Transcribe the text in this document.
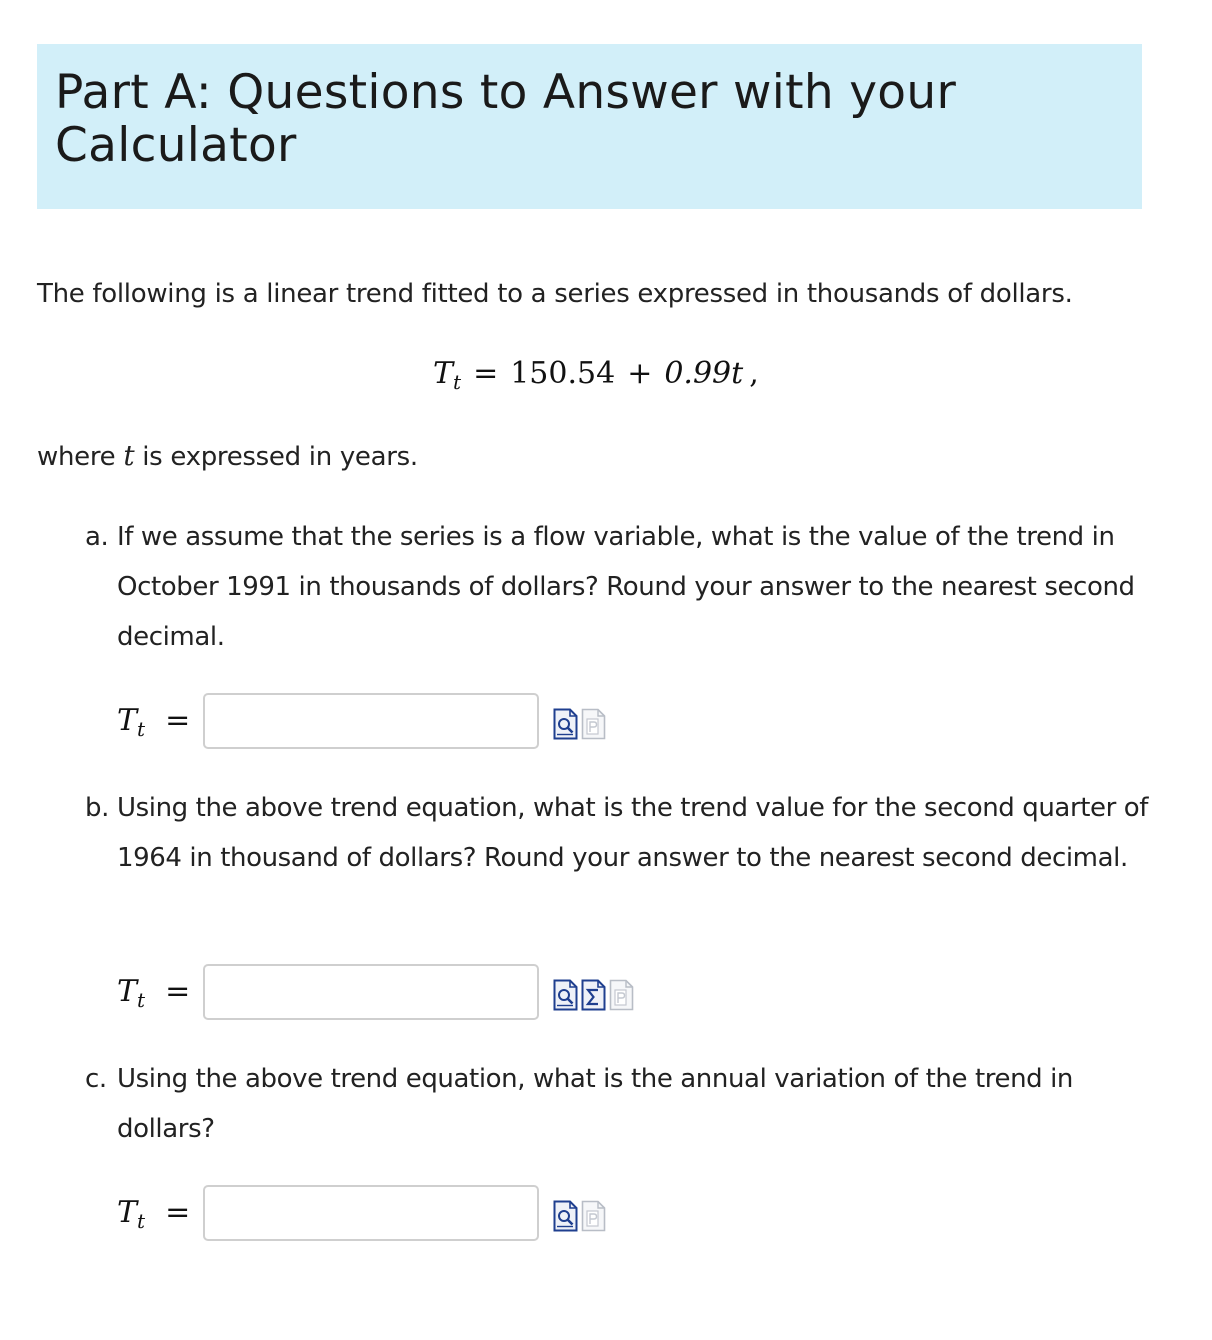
Part A: Questions to Answer with your Calculator

The following is a linear trend fitted to a series expressed in thousands of dollars.

$T_t = 150.54 + 0.99t$ ,

where t is expressed in years.

a. If we assume that the series is a flow variable, what is the value of the trend in October 1991 in thousands of dollars? Round your answer to the nearest second decimal.
$T_t$ =
b. Using the above trend equation, what is the trend value for the second quarter of 1964 in thousand of dollars? Round your answer to the nearest second decimal.
$T_t$ =
c. Using the above trend equation, what is the annual variation of the trend in dollars?
$T_t$ =
